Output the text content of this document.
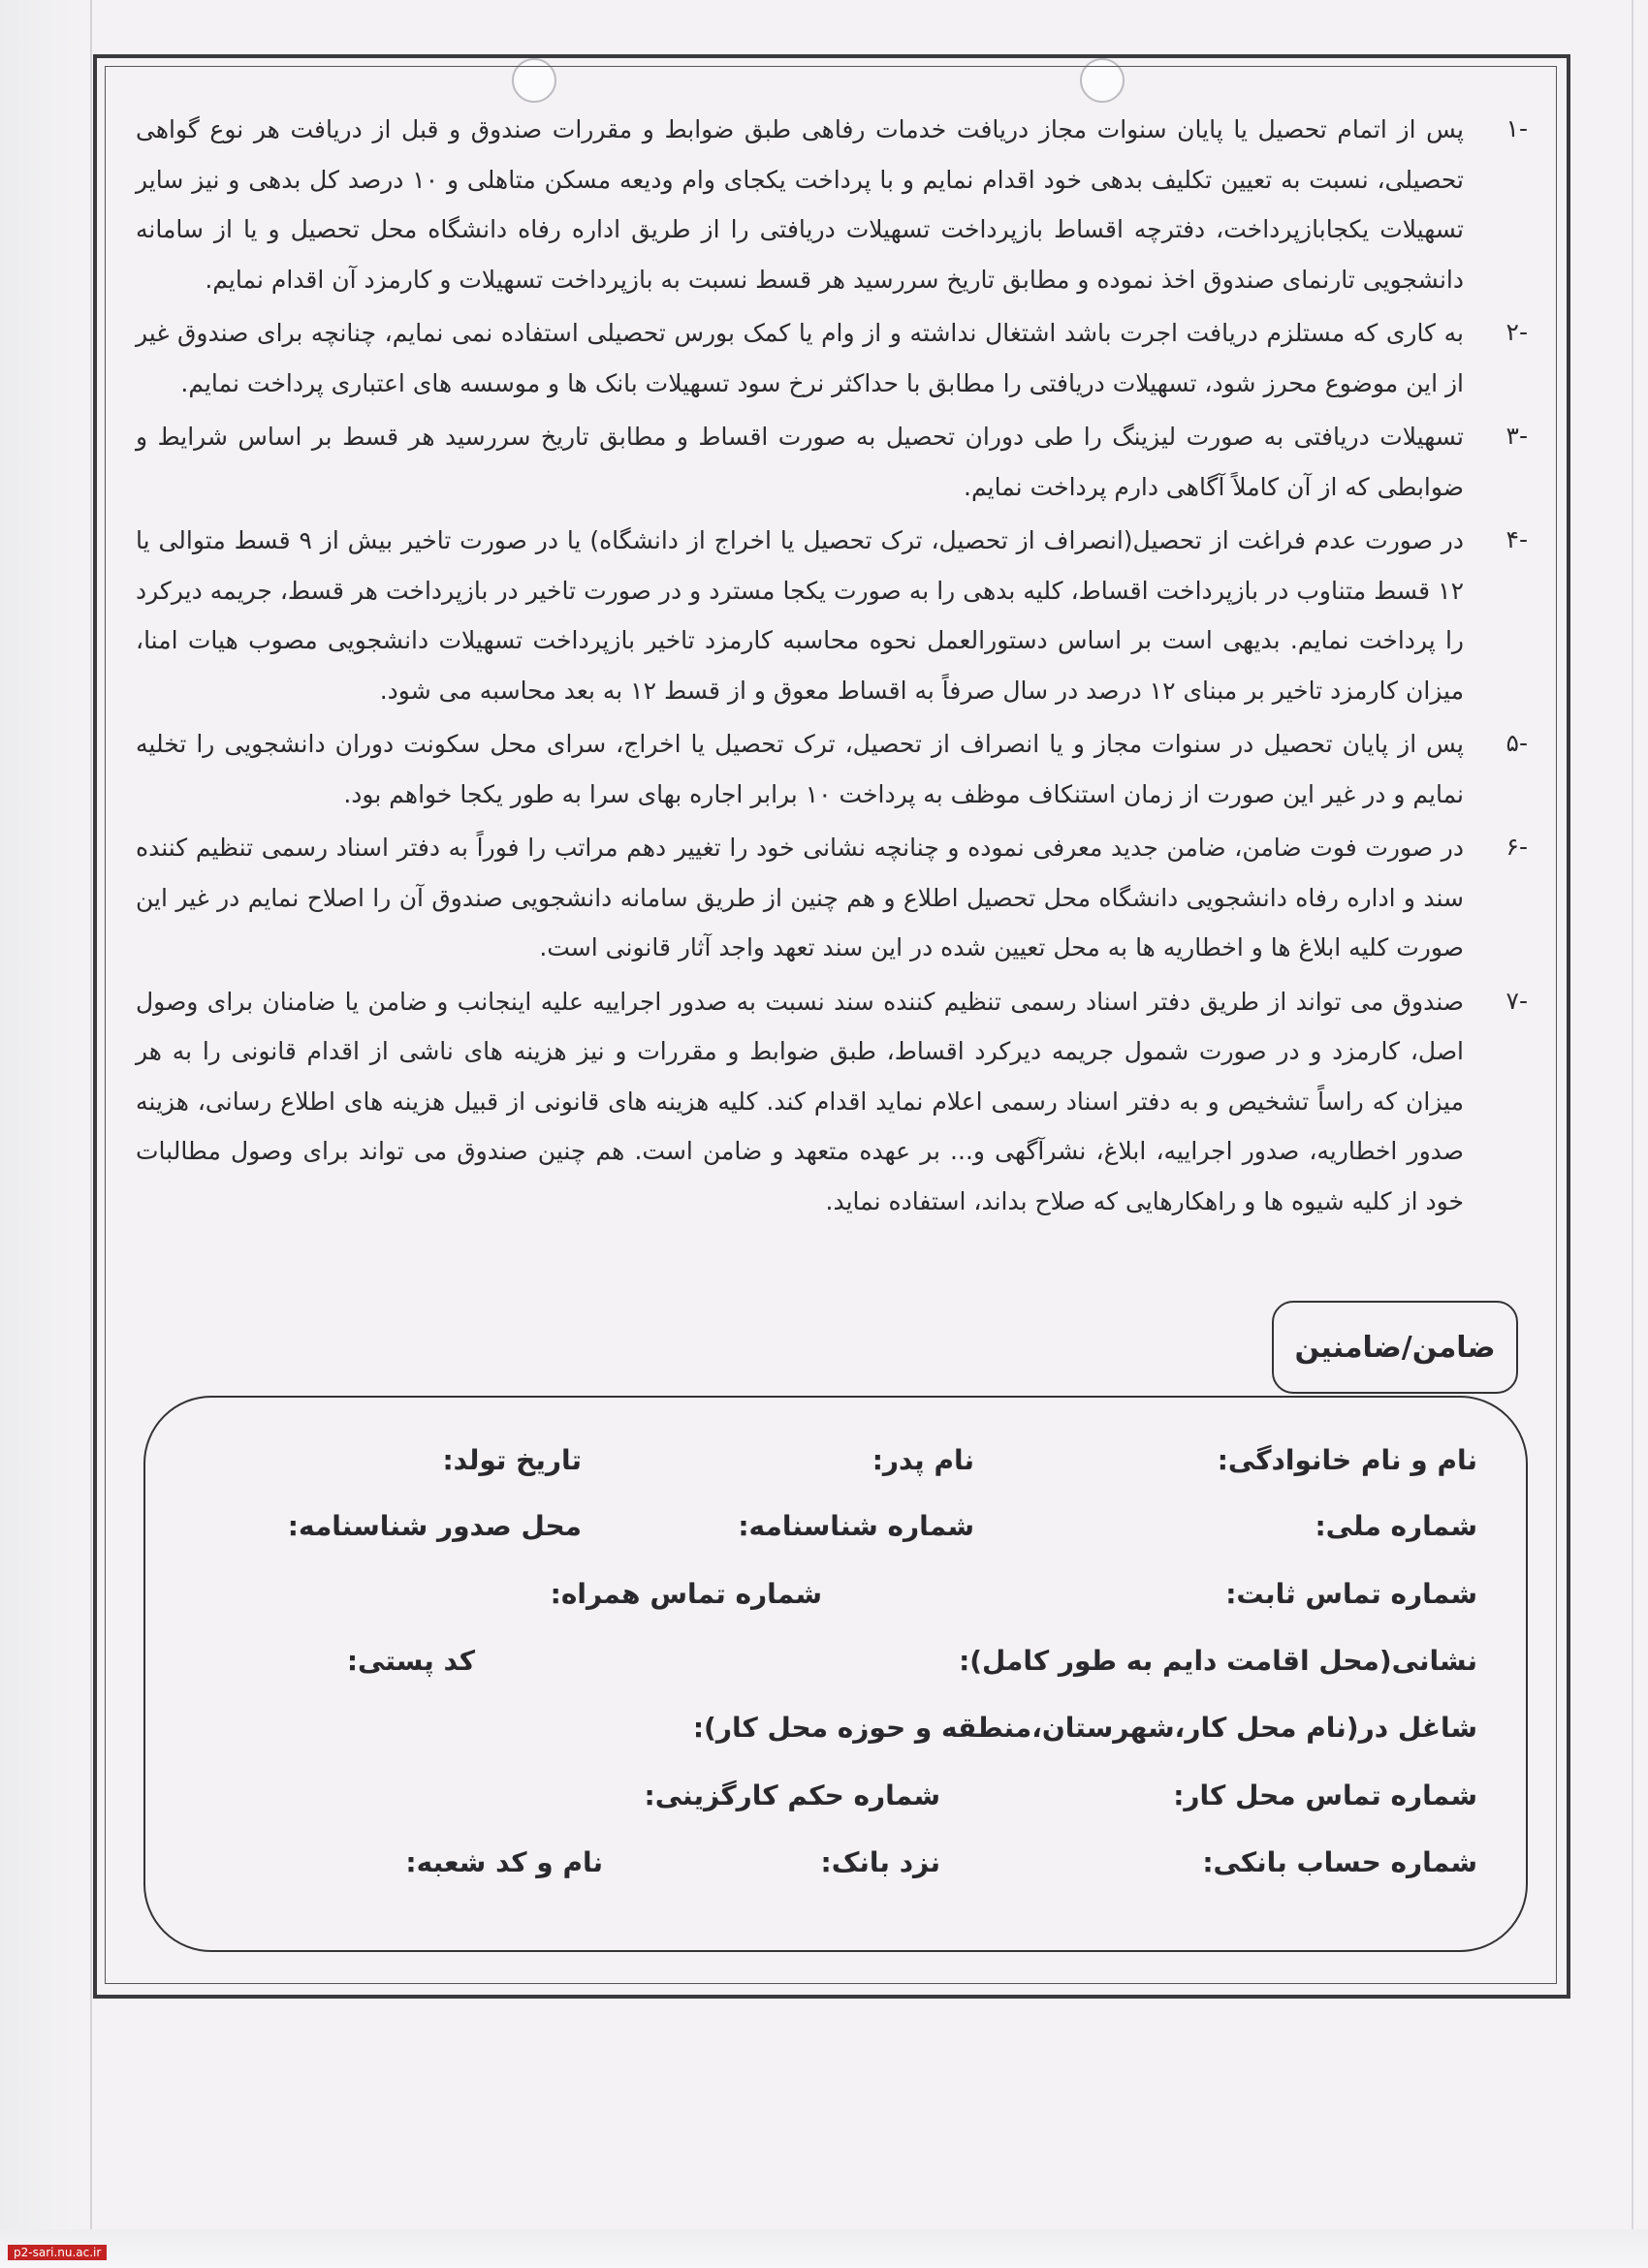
-۱
پس از اتمام تحصیل یا پایان سنوات مجاز دریافت خدمات رفاهی طبق ضوابط و مقررات صندوق و قبل از دریافت هر نوع گواهی تحصیلی، نسبت به تعیین تکلیف بدهی خود اقدام نمایم و با پرداخت یکجای وام ودیعه مسکن متاهلی و ۱۰ درصد کل بدهی و نیز سایر تسهیلات یکجابازپرداخت، دفترچه اقساط بازپرداخت تسهیلات دریافتی را از طریق اداره رفاه دانشگاه محل تحصیل و یا از سامانه دانشجویی تارنمای صندوق اخذ نموده و مطابق تاریخ سررسید هر قسط نسبت به بازپرداخت تسهیلات و کارمزد آن اقدام نمایم.
-۲
به کاری که مستلزم دریافت اجرت باشد اشتغال نداشته و از وام یا کمک بورس تحصیلی استفاده نمی نمایم، چنانچه برای صندوق غیر از این موضوع محرز شود، تسهیلات دریافتی را مطابق با حداکثر نرخ سود تسهیلات بانک ها و موسسه های اعتباری پرداخت نمایم.
-۳
تسهیلات دریافتی به صورت لیزینگ را طی دوران تحصیل به صورت اقساط و مطابق تاریخ سررسید هر قسط بر اساس شرایط و ضوابطی که از آن کاملاً آگاهی دارم پرداخت نمایم.
-۴
در صورت عدم فراغت از تحصیل(انصراف از تحصیل، ترک تحصیل یا اخراج از دانشگاه) یا در صورت تاخیر بیش از ۹ قسط متوالی یا ۱۲ قسط متناوب در بازپرداخت اقساط، کلیه بدهی را به صورت یکجا مسترد و در صورت تاخیر در بازپرداخت هر قسط، جریمه دیرکرد را پرداخت نمایم. بدیهی است بر اساس دستورالعمل نحوه محاسبه کارمزد تاخیر بازپرداخت تسهیلات دانشجویی مصوب هیات امنا، میزان کارمزد تاخیر بر مبنای ۱۲ درصد در سال صرفاً به اقساط معوق و از قسط ۱۲ به بعد محاسبه می شود.
-۵
پس از پایان تحصیل در سنوات مجاز و یا انصراف از تحصیل، ترک تحصیل یا اخراج، سرای محل سکونت دوران دانشجویی را تخلیه نمایم و در غیر این صورت از زمان استنکاف موظف به پرداخت ۱۰ برابر اجاره بهای سرا به طور یکجا خواهم بود.
-۶
در صورت فوت ضامن، ضامن جدید معرفی نموده و چنانچه نشانی خود را تغییر دهم مراتب را فوراً به دفتر اسناد رسمی تنظیم کننده سند و اداره رفاه دانشجویی دانشگاه محل تحصیل اطلاع و هم چنین از طریق سامانه دانشجویی صندوق آن را اصلاح نمایم در غیر این صورت کلیه ابلاغ ها و اخطاریه ها به محل تعیین شده در این سند تعهد واجد آثار قانونی است.
-۷
صندوق می تواند از طریق دفتر اسناد رسمی تنظیم کننده سند نسبت به صدور اجراییه علیه اینجانب و ضامن یا ضامنان برای وصول اصل، کارمزد و در صورت شمول جریمه دیرکرد اقساط، طبق ضوابط و مقررات و نیز هزینه های ناشی از اقدام قانونی را به هر میزان که راساً تشخیص و به دفتر اسناد رسمی اعلام نماید اقدام کند. کلیه هزینه های قانونی از قبیل هزینه های اطلاع رسانی، هزینه صدور اخطاریه، صدور اجراییه، ابلاغ، نشرآگهی و... بر عهده متعهد و ضامن است. هم چنین صندوق می تواند برای وصول مطالبات خود از کلیه شیوه ها و راهکارهایی که صلاح بداند، استفاده نماید.
ضامن/ضامنین
نام و نام خانوادگی:
نام پدر:
تاریخ تولد:
شماره ملی:
شماره شناسنامه:
محل صدور شناسنامه:
شماره تماس ثابت:
شماره تماس همراه:
نشانی(محل اقامت دایم به طور کامل):
کد پستی:
شاغل در(نام محل کار،شهرستان،منطقه و حوزه محل کار):
شماره تماس محل کار:
شماره حکم کارگزینی:
شماره حساب بانکی:
نزد بانک:
نام و کد شعبه:
p2-sari.nu.ac.ir
